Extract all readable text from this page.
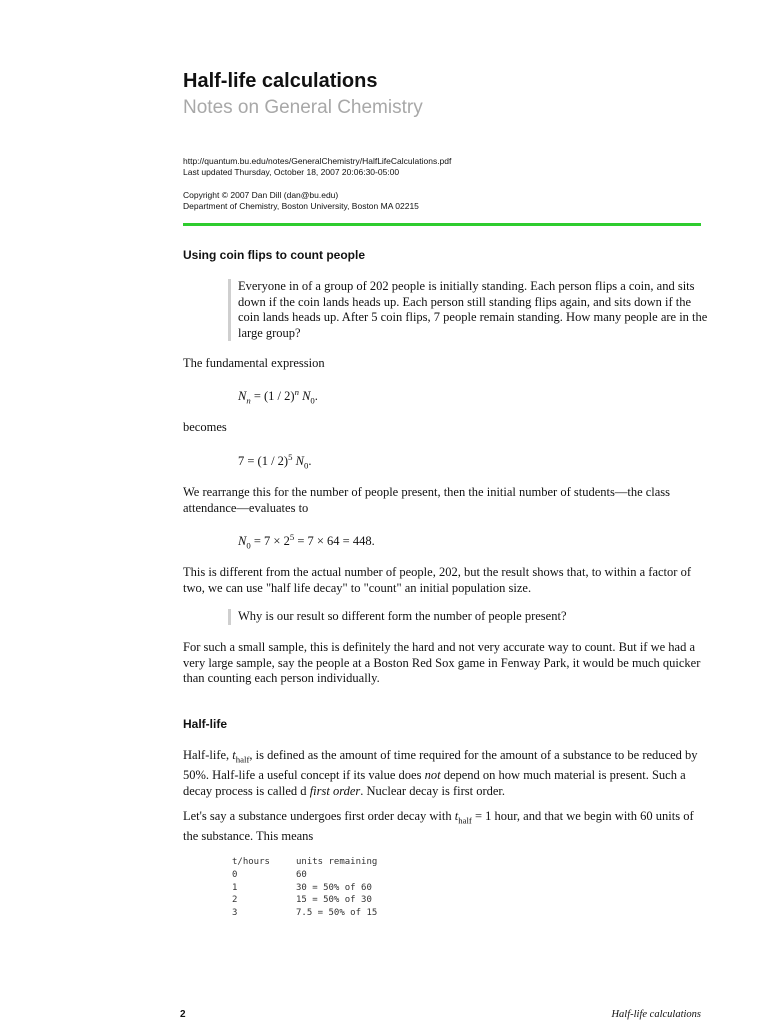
Half-life calculations
Notes on General Chemistry
http://quantum.bu.edu/notes/GeneralChemistry/HalfLifeCalculations.pdf
Last updated Thursday, October 18, 2007 20:06:30-05:00
Copyright © 2007 Dan Dill (dan@bu.edu)
Department of Chemistry, Boston University, Boston MA 02215
Using coin flips to count people
Everyone in of a group of 202 people is initially standing. Each person flips a coin, and sits down if the coin lands heads up. Each person still standing flips again, and sits down if the coin lands heads up. After 5 coin flips, 7 people remain standing. How many people are in the large group?
The fundamental expression
$N_n = (1 / 2)^n$ $N_0$.
becomes
7 = (1 / 2)$^5$ $N_0$.
We rearrange this for the number of people present, then the initial number of students—the class attendance—evaluates to
$N_0 = 7 \times 2^5 = 7 \times 64 = 448$.
This is different from the actual number of people, 202, but the result shows that, to within a factor of two, we can use "half life decay" to "count" an initial population size.
Why is our result so different form the number of people present?
For such a small sample, this is definitely the hard and not very accurate way to count. But if we had a very large sample, say the people at a Boston Red Sox game in Fenway Park, it would be much quicker than counting each person individually.
Half-life
Half-life, $t_{half}$, is defined as the amount of time required for the amount of a substance to be reduced by 50%. Half-life a useful concept if its value does not depend on how much material is present. Such a decay process is called d first order. Nuclear decay is first order.
Let's say a substance undergoes first order decay with $t_{half} = 1$ hour, and that we begin with 60 units of the substance. This means
t/hours	units remaining
0	60
1	30 = 50% of 60
2	15 = 50% of 30
3	7.5 = 50% of 15
2	Half-life calculations
